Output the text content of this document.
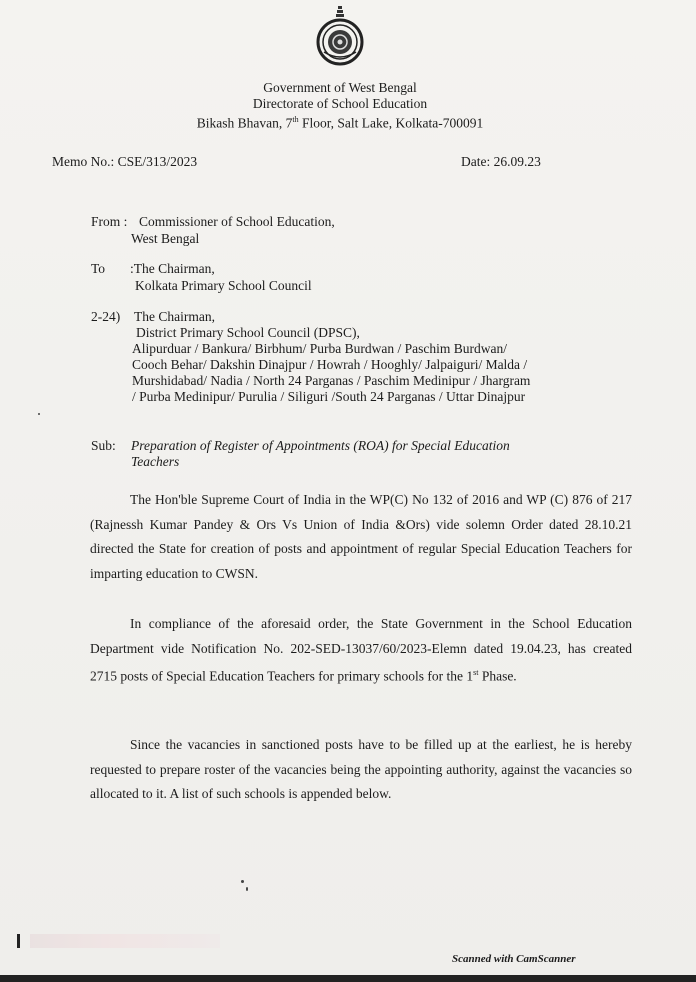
Government of West Bengal
Directorate of School Education
Bikash Bhavan, 7th Floor, Salt Lake, Kolkata-700091
Memo No.: CSE/313/2023	Date: 26.09.23
From : Commissioner of School Education,
West Bengal
To :The Chairman,
Kolkata Primary School Council
2-24) The Chairman,
District Primary School Council (DPSC),
Alipurduar / Bankura/ Birbhum/ Purba Burdwan / Paschim Burdwan/
Cooch Behar/ Dakshin Dinajpur / Howrah / Hooghly/ Jalpaiguri/ Malda /
Murshidabad/ Nadia / North 24 Parganas / Paschim Medinipur / Jhargram
/ Purba Medinipur/ Purulia / Siliguri /South 24 Parganas / Uttar Dinajpur
Sub: Preparation of Register of Appointments (ROA) for Special Education
Teachers
The Hon'ble Supreme Court of India in the WP(C) No 132 of 2016 and WP (C) 876 of 217 (Rajnessh Kumar Pandey & Ors Vs Union of India &Ors) vide solemn Order dated 28.10.21 directed the State for creation of posts and appointment of regular Special Education Teachers for imparting education to CWSN.
In compliance of the aforesaid order, the State Government in the School Education Department vide Notification No. 202-SED-13037/60/2023-Elemn dated 19.04.23, has created 2715 posts of Special Education Teachers for primary schools for the 1st Phase.
Since the vacancies in sanctioned posts have to be filled up at the earliest, he is hereby requested to prepare roster of the vacancies being the appointing authority, against the vacancies so allocated to it. A list of such schools is appended below.
Scanned with CamScanner
